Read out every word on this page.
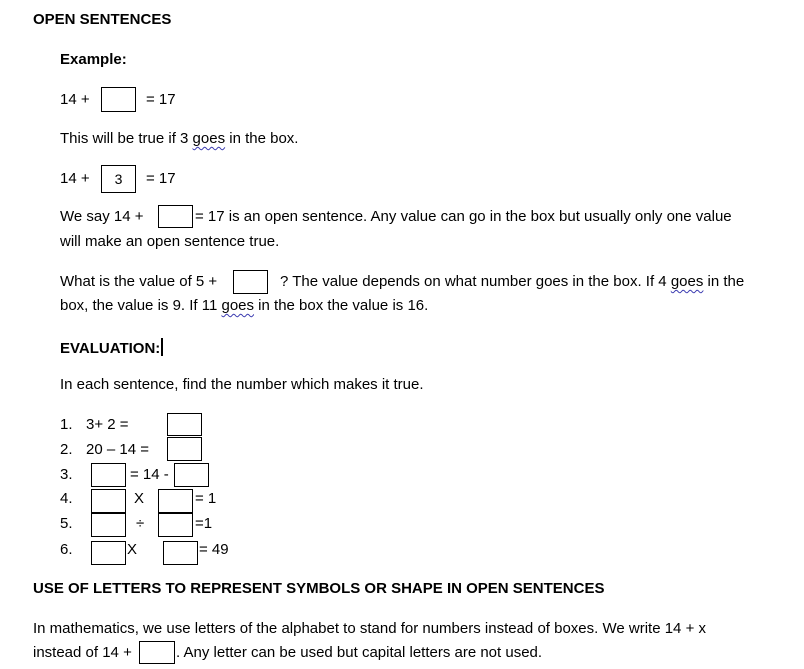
OPEN SENTENCES
Example:
14 +	= 17
This will be true if 3 goes in the box.
14 +	3	= 17
We say 14 +	= 17 is an open sentence. Any value can go in the box but usually only one value
will make an open sentence true.
What is the value of 5 +	? The value depends on what number goes in the box. If 4 goes in the
box, the value is 9. If 11 goes in the box the value is 16.
EVALUATION:
In each sentence, find the number which makes it true.
1. 3+ 2 =
2. 20 – 14 =
3.	= 14 -
4.	X	= 1
5.	÷	=1
6.	X	= 49
USE OF LETTERS TO REPRESENT SYMBOLS OR SHAPE IN OPEN SENTENCES
In mathematics, we use letters of the alphabet to stand for numbers instead of boxes. We write 14 + x
instead of 14 +	. Any letter can be used but capital letters are not used.
